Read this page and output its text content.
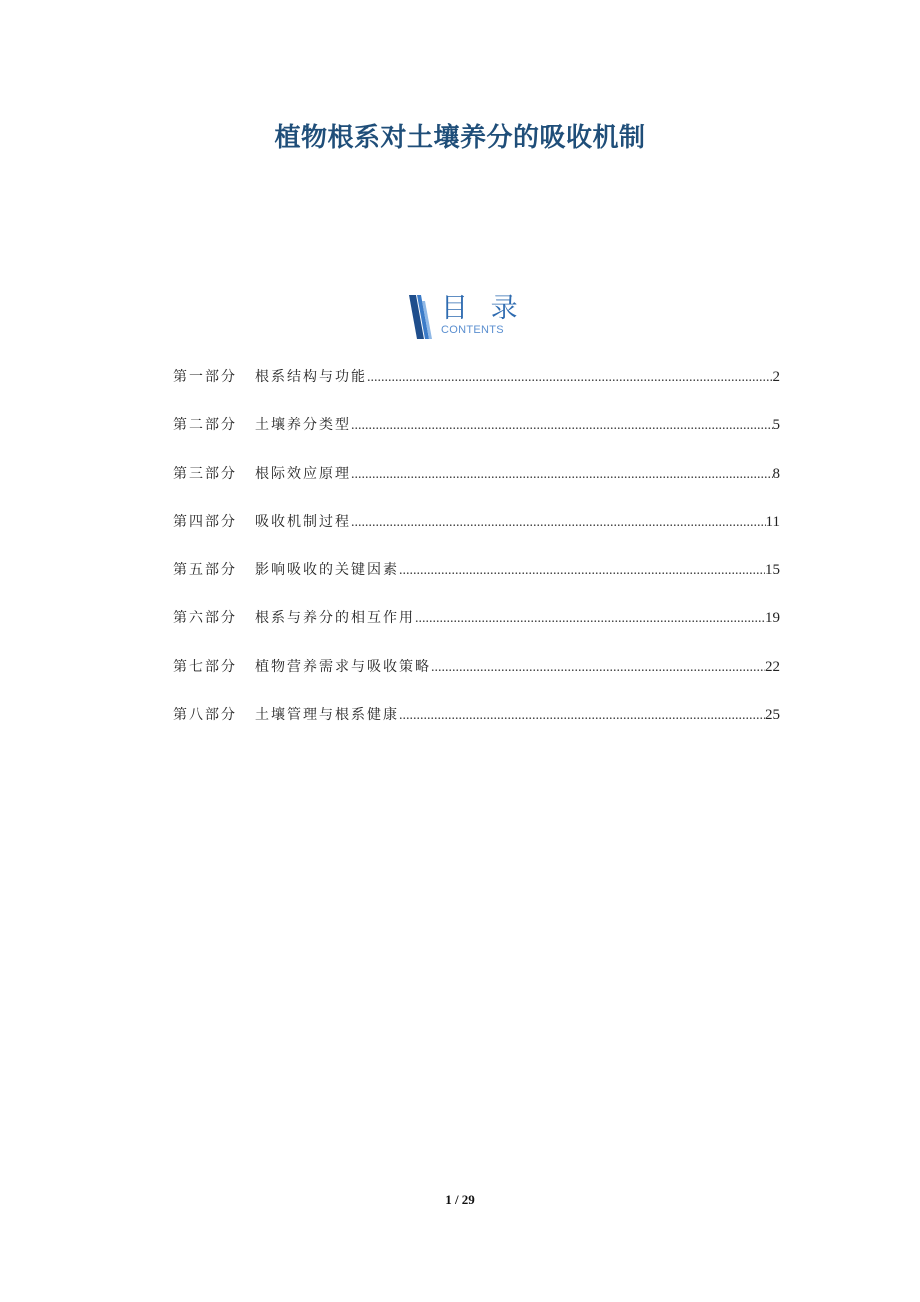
植物根系对土壤养分的吸收机制
目 录
CONTENTS
第一部分	根系结构与功能 .....	2
第二部分	土壤养分类型 .....	5
第三部分	根际效应原理 .....	8
第四部分	吸收机制过程 .....	11
第五部分	影响吸收的关键因素 .....	15
第六部分	根系与养分的相互作用 .....	19
第七部分	植物营养需求与吸收策略 .....	22
第八部分	土壤管理与根系健康 .....	25
1 / 29
